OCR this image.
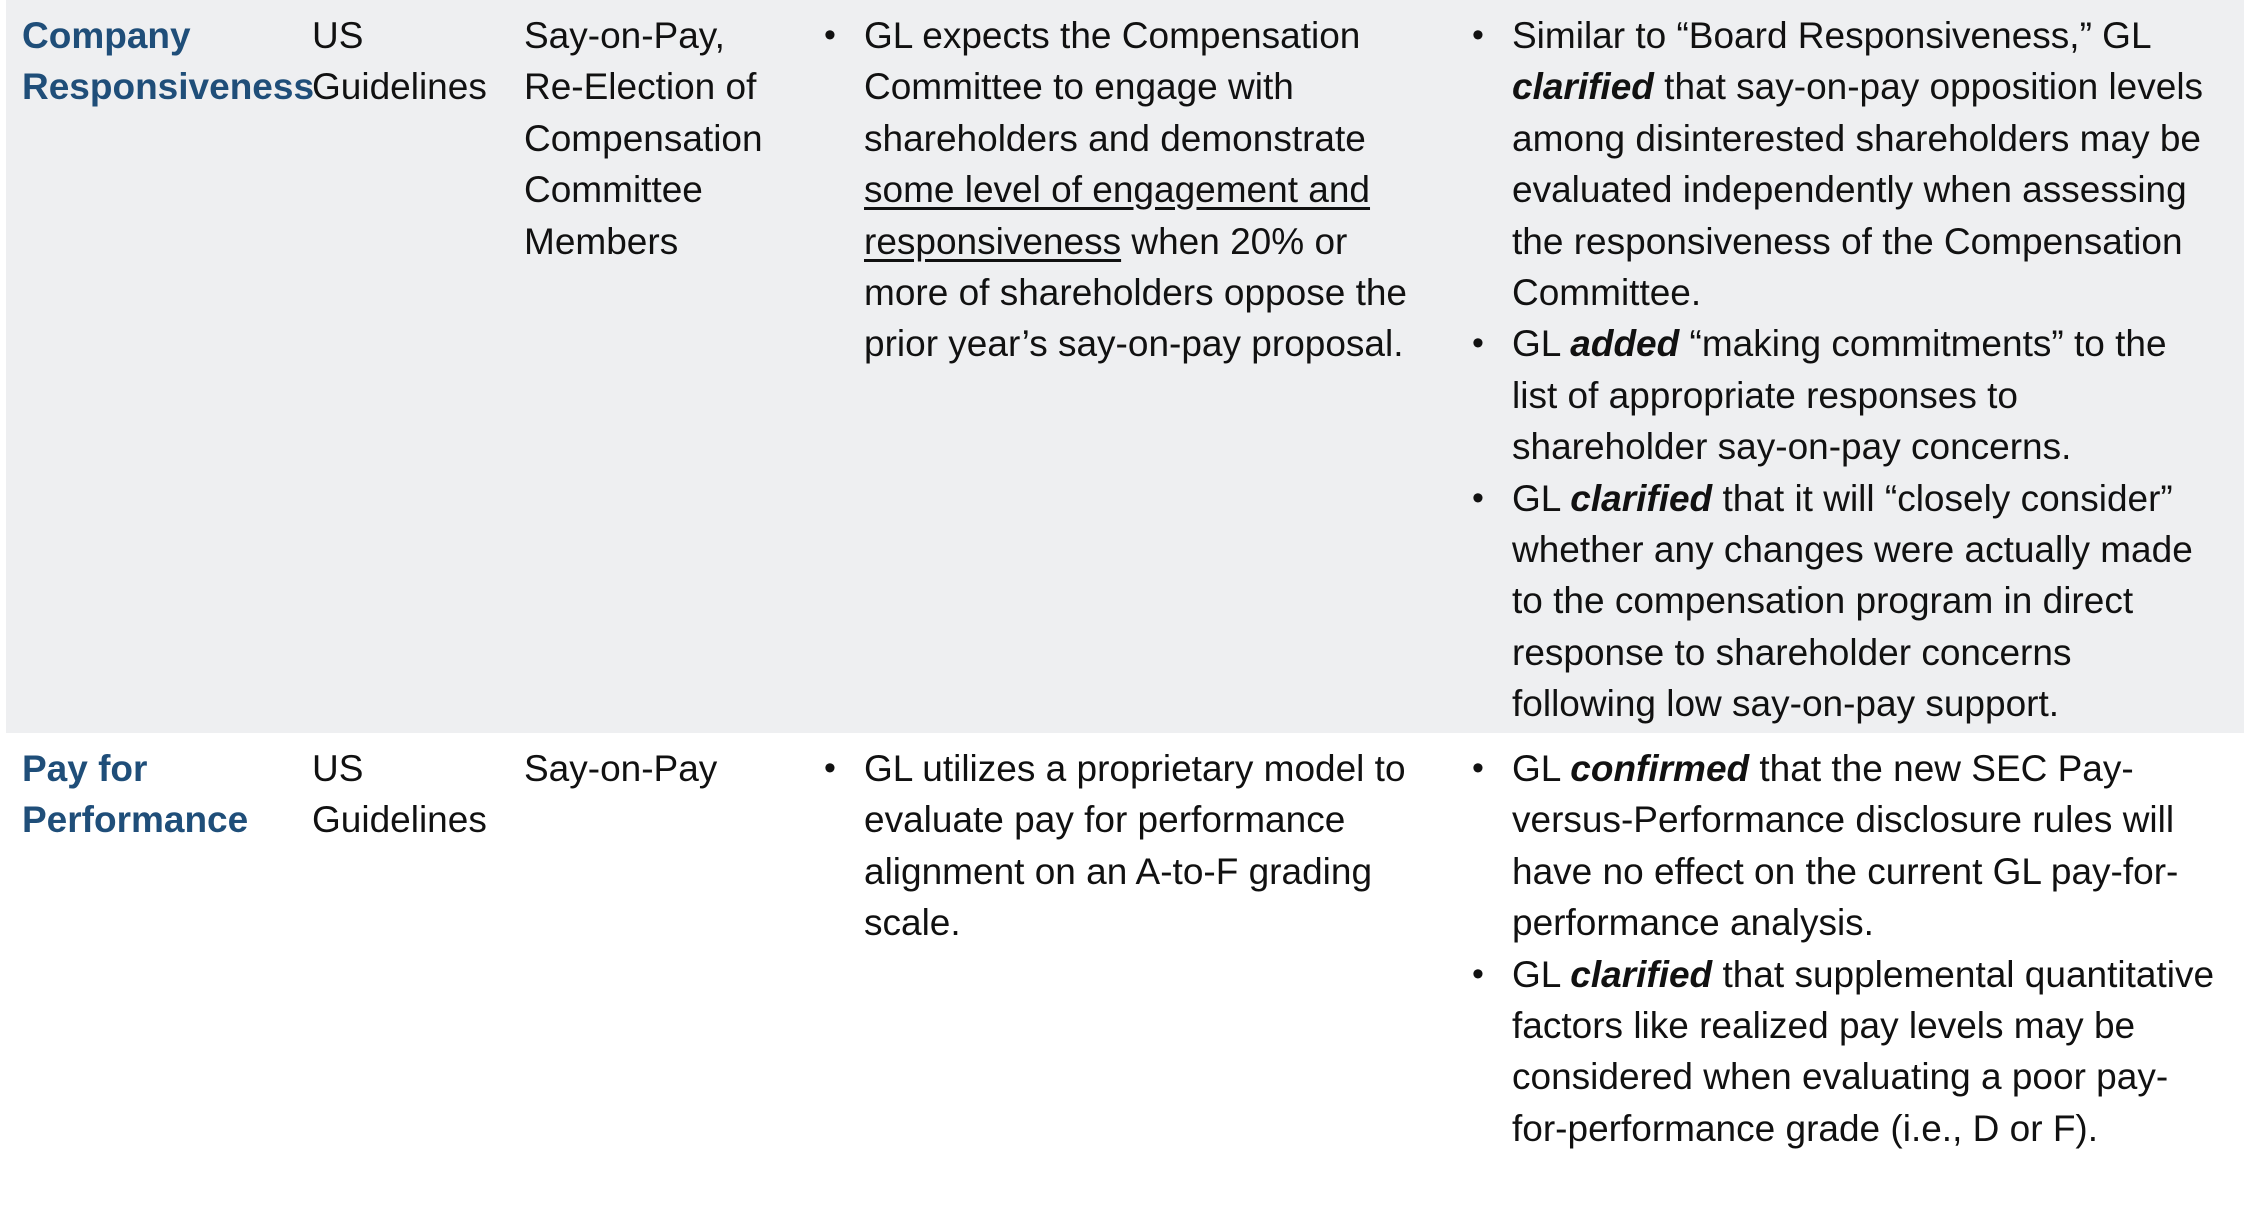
Company Responsiveness
US Guidelines
Say-on-Pay, Re-Election of Compensation Committee Members
• GL expects the Compensation Committee to engage with shareholders and demonstrate some level of engagement and responsiveness when 20% or more of shareholders oppose the prior year’s say-on-pay proposal.
• Similar to “Board Responsiveness,” GL clarified that say-on-pay opposition levels among disinterested shareholders may be evaluated independently when assessing the responsiveness of the Compensation Committee.
• GL added “making commitments” to the list of appropriate responses to shareholder say-on-pay concerns.
• GL clarified that it will “closely consider” whether any changes were actually made to the compensation program in direct response to shareholder concerns following low say-on-pay support.
Pay for Performance
US Guidelines
Say-on-Pay	• GL utilizes a proprietary model to evaluate pay for performance alignment on an A-to-F grading scale.
• GL confirmed that the new SEC Pay-versus-Performance disclosure rules will have no effect on the current GL pay-for-performance analysis.
• GL clarified that supplemental quantitative factors like realized pay levels may be considered when evaluating a poor pay-for-performance grade (i.e., D or F).
